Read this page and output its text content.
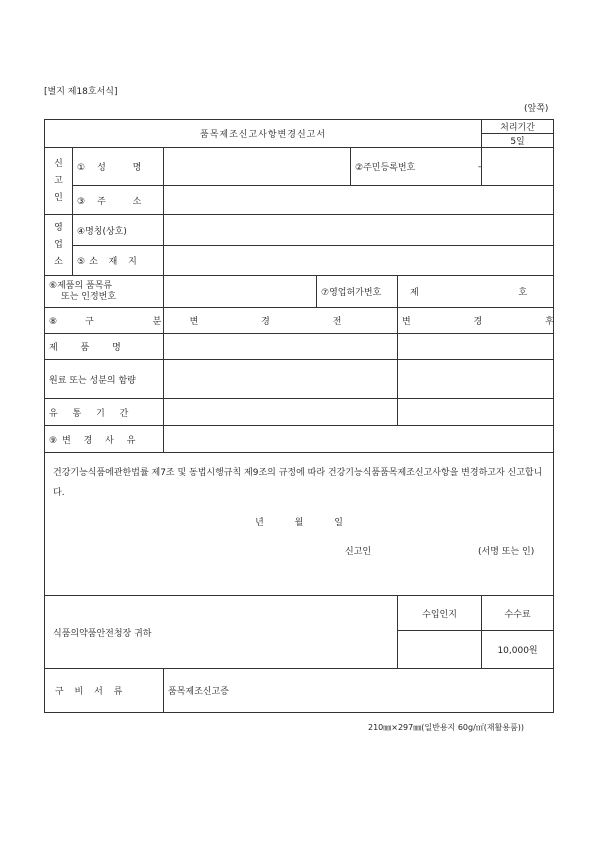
[별지 제18호서식]
(앞쪽)
품목제조신고사항변경신고서						처리기간
						5일
신
고
인	①성 명			②주민등록번호		-
	③주 소					
영
업
소	④명칭(상호)					
	⑤소 재 지					
⑥제품의 품목류
또는 인정번호			⑦영업허가번호		제 호	

⑧구 분		변 경 전			변 경 후	
제 품 명						
원료 또는 성분의 함량						
유 통 기 간						
⑨변 경 사 유						

건강기능식품에관한법률 제7조 및 동법시행규칙 제9조의 규정에 따라 건강기능식품품목제조신고사항을 변경하고자 신고합니다.
년 월 일
신고인 (서명 또는 인)						

식품의약품안전청장 귀하					수입인지	수수료
						10,000원
구 비 서 류		품목제조신고증				
210㎜×297㎜(일반용지 60g/㎡(재활용품))
